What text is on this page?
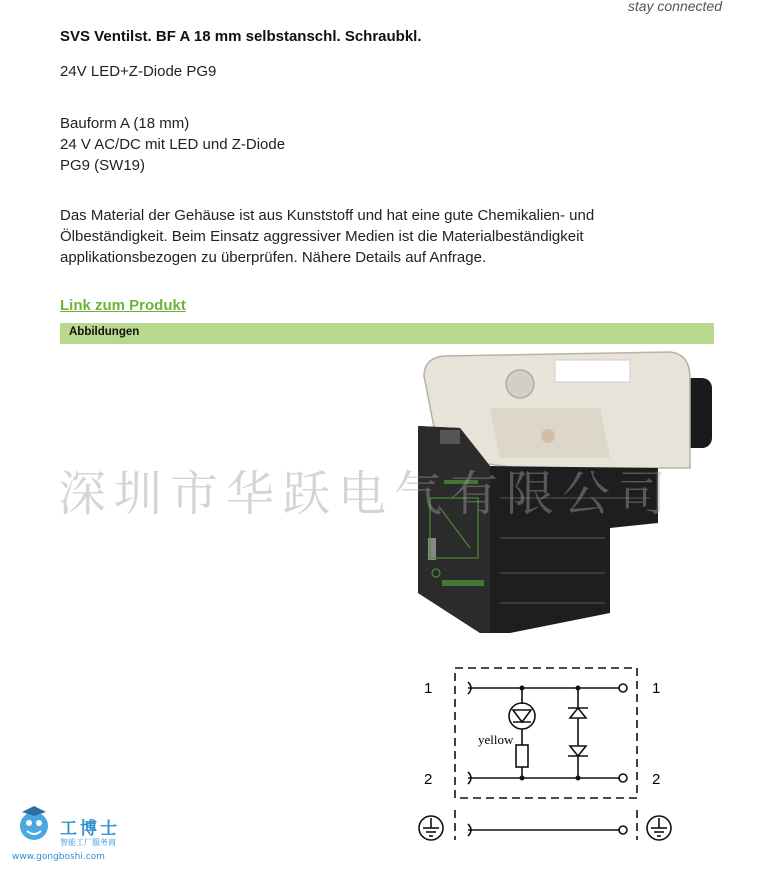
stay connected
SVS Ventilst. BF A 18 mm selbstanschl. Schraubkl.
24V LED+Z-Diode PG9
Bauform A (18 mm)
24 V AC/DC mit LED und Z-Diode
PG9 (SW19)
Das Material der Gehäuse ist aus Kunststoff und hat eine gute Chemikalien- und
Ölbeständigkeit. Beim Einsatz aggressiver Medien ist die Materialbeständigkeit
applikationsbezogen zu überprüfen. Nähere Details auf Anfrage.
Link zum Produkt
Abbildungen
深圳市华跃电气有限公司
1
2
1
2
yellow
工博士
智能工厂服务商
www.gongboshi.com
